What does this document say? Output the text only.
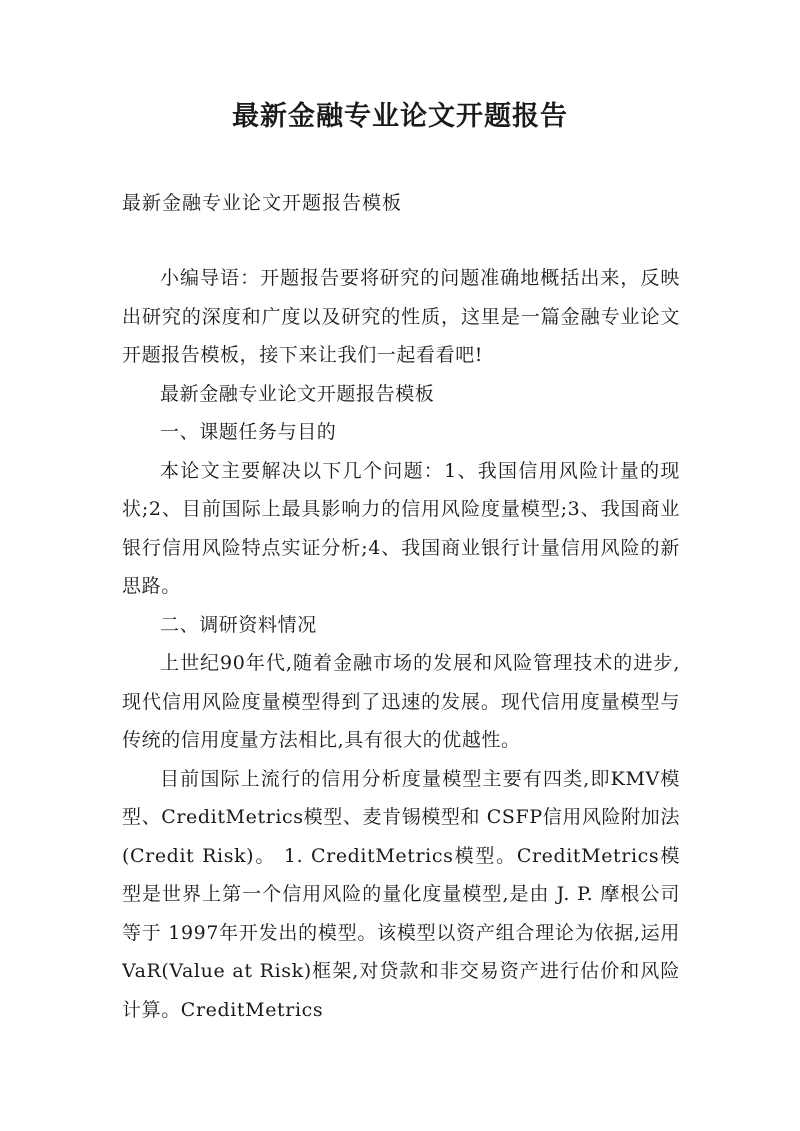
最新金融专业论文开题报告
最新金融专业论文开题报告模板

小编导语：开题报告要将研究的问题准确地概括出来，反映出研究的深度和广度以及研究的性质，这里是一篇金融专业论文开题报告模板，接下来让我们一起看看吧!

最新金融专业论文开题报告模板

一、课题任务与目的

本论文主要解决以下几个问题：1、我国信用风险计量的现状;2、目前国际上最具影响力的信用风险度量模型;3、我国商业银行信用风险特点实证分析;4、我国商业银行计量信用风险的新思路。

二、调研资料情况

上世纪90年代,随着金融市场的发展和风险管理技术的进步,现代信用风险度量模型得到了迅速的发展。现代信用度量模型与传统的信用度量方法相比,具有很大的优越性。

目前国际上流行的信用分析度量模型主要有四类,即KMV模型、CreditMetrics模型、麦肯锡模型和 CSFP信用风险附加法 (Credit Risk)。 1. CreditMetrics模型。CreditMetrics模型是世界上第一个信用风险的量化度量模型,是由 J. P. 摩根公司等于 1997年开发出的模型。该模型以资产组合理论为依据,运用 VaR(Value at Risk)框架,对贷款和非交易资产进行估价和风险计算。CreditMetrics
